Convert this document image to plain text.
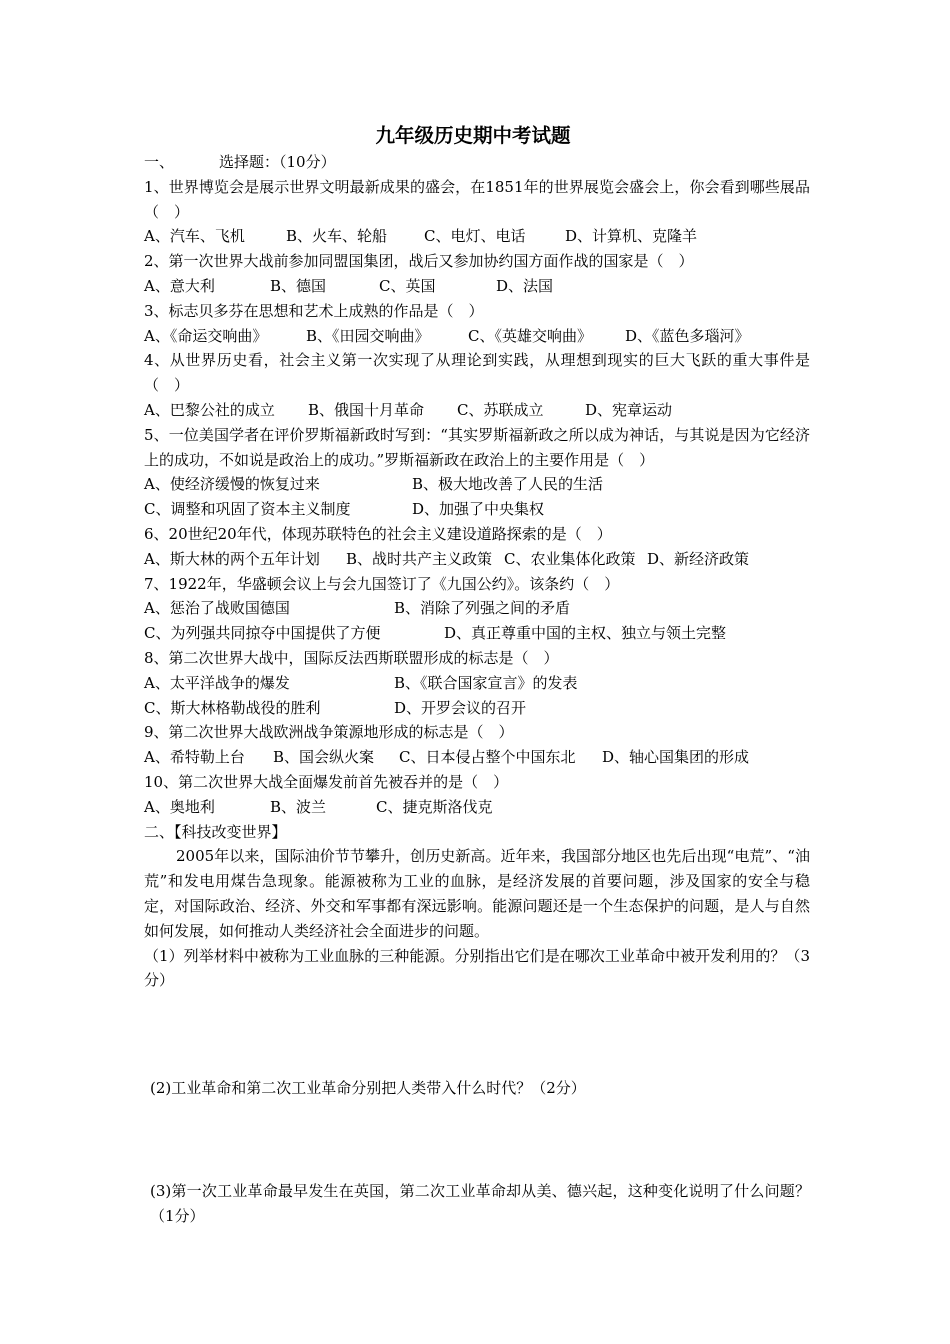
九年级历史期中考试题
一、	选择题：（10分）
1、世界博览会是展示世界文明最新成果的盛会，在1851年的世界展览会盛会上，你会看到哪些展品（　）
A、汽车、飞机	B、火车、轮船	C、电灯、电话	D、计算机、克隆羊
2、第一次世界大战前参加同盟国集团，战后又参加协约国方面作战的国家是（　）
A、意大利	B、德国	C、英国	D、法国
3、标志贝多芬在思想和艺术上成熟的作品是（　）
A、《命运交响曲》	B、《田园交响曲》	C、《英雄交响曲》	D、《蓝色多瑙河》
4、从世界历史看，社会主义第一次实现了从理论到实践，从理想到现实的巨大飞跃的重大事件是（　）
A、巴黎公社的成立	B、俄国十月革命	C、苏联成立	D、宪章运动
5、一位美国学者在评价罗斯福新政时写到：“其实罗斯福新政之所以成为神话，与其说是因为它经济上的成功，不如说是政治上的成功。”罗斯福新政在政治上的主要作用是（　）
A、使经济缓慢的恢复过来	B、极大地改善了人民的生活
C、调整和巩固了资本主义制度	D、加强了中央集权
6、20世纪20年代，体现苏联特色的社会主义建设道路探索的是（　）
A、斯大林的两个五年计划	B、战时共产主义政策 C、农业集体化政策 D、新经济政策
7、1922年，华盛顿会议上与会九国签订了《九国公约》。该条约（　）
A、惩治了战败国德国	B、消除了列强之间的矛盾
C、为列强共同掠夺中国提供了方便	D、真正尊重中国的主权、独立与领土完整
8、第二次世界大战中，国际反法西斯联盟形成的标志是（　）
A、太平洋战争的爆发	B、《联合国家宣言》的发表
C、斯大林格勒战役的胜利	D、开罗会议的召开
9、第二次世界大战欧洲战争策源地形成的标志是（　）
A、希特勒上台	B、国会纵火案	C、日本侵占整个中国东北	D、轴心国集团的形成
10、第二次世界大战全面爆发前首先被吞并的是（　）
A、奥地利	B、波兰	C、捷克斯洛伐克
二、【科技改变世界】
2005年以来，国际油价节节攀升，创历史新高。近年来，我国部分地区也先后出现“电荒”、“油荒”和发电用煤告急现象。能源被称为工业的血脉，是经济发展的首要问题，涉及国家的安全与稳定，对国际政治、经济、外交和军事都有深远影响。能源问题还是一个生态保护的问题，是人与自然如何发展，如何推动人类经济社会全面进步的问题。
（1）列举材料中被称为工业血脉的三种能源。分别指出它们是在哪次工业革命中被开发利用的？（3分）
(2)工业革命和第二次工业革命分别把人类带入什么时代？（2分）
(3)第一次工业革命最早发生在英国，第二次工业革命却从美、德兴起，这种变化说明了什么问题？（1分）
